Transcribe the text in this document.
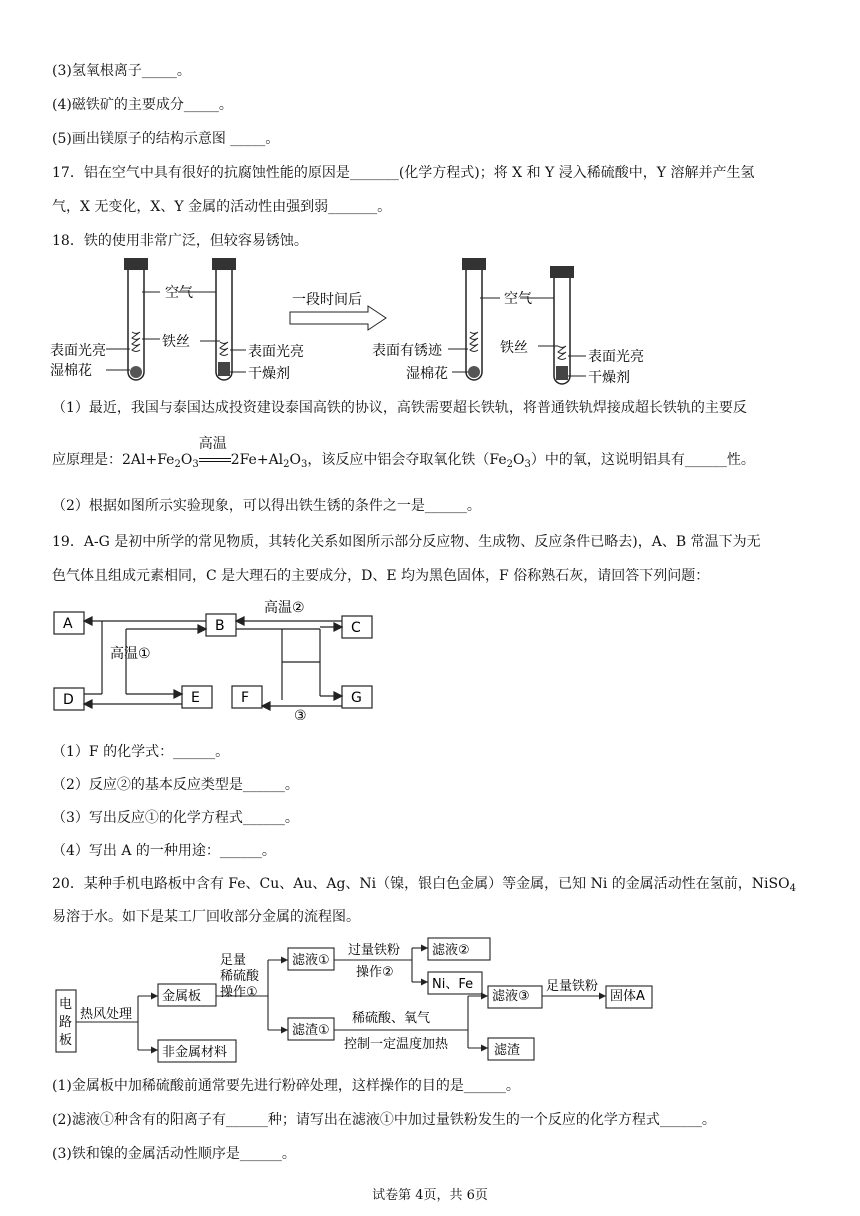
(3)氢氧根离子_____。
(4)磁铁矿的主要成分_____。
(5)画出镁原子的结构示意图 _____。
17．铝在空气中具有很好的抗腐蚀性能的原因是_______(化学方程式)；将 X 和 Y 浸入稀硫酸中，Y 溶解并产生氢
气，X 无变化，X、Y 金属的活动性由强到弱_______。
18．铁的使用非常广泛，但较容易锈蚀。
空气
表面光亮
湿棉花
铁丝
表面光亮
干燥剂
一段时间后	空气
表面有锈迹
湿棉花
铁丝
表面光亮
干燥剂
（1）最近，我国与泰国达成投资建设泰国高铁的协议，高铁需要超长铁轨，将普通铁轨焊接成超长铁轨的主要反
应原理是：$2Al+Fe_2O_3$
高温
$2Fe+Al_2O_3$，该反应中铝会夺取氧化铁$(Fe_2O_3)$中的氧，这说明铝具有______性。
（2）根据如图所示实验现象，可以得出铁生锈的条件之一是______。
19．A-G 是初中所学的常见物质，其转化关系如图所示部分反应物、生成物、反应条件已略去)，A、B 常温下为无
色气体且组成元素相同，C 是大理石的主要成分，D、E 均为黑色固体，F 俗称熟石灰，请回答下列问题：
A	B	C
D	E	F	G
高温①
高温②
③
（1）F 的化学式：______。
（2）反应②的基本反应类型是______。
（3）写出反应①的化学方程式______。
（4）写出 A 的一种用途：______。
20．某种手机电路板中含有 Fe、Cu、Au、Ag、Ni（镍，银白色金属）等金属，已知 Ni 的金属活动性在氢前，NiSO$_4$
易溶于水。如下是某工厂回收部分金属的流程图。
电
路
板
热风处理
金属板
非金属材料
足量
稀硫酸
操作①
滤液①
过量铁粉
操作②
滤液②
Ni、Fe
滤渣①
稀硫酸、氧气
控制一定温度加热
滤液③
足量铁粉
固体A
滤渣
(1)金属板中加稀硫酸前通常要先进行粉碎处理，这样操作的目的是______。
(2)滤液①种含有的阳离子有______种；请写出在滤液①中加过量铁粉发生的一个反应的化学方程式______。
(3)铁和镍的金属活动性顺序是______。
试卷第 4页，共 6页
